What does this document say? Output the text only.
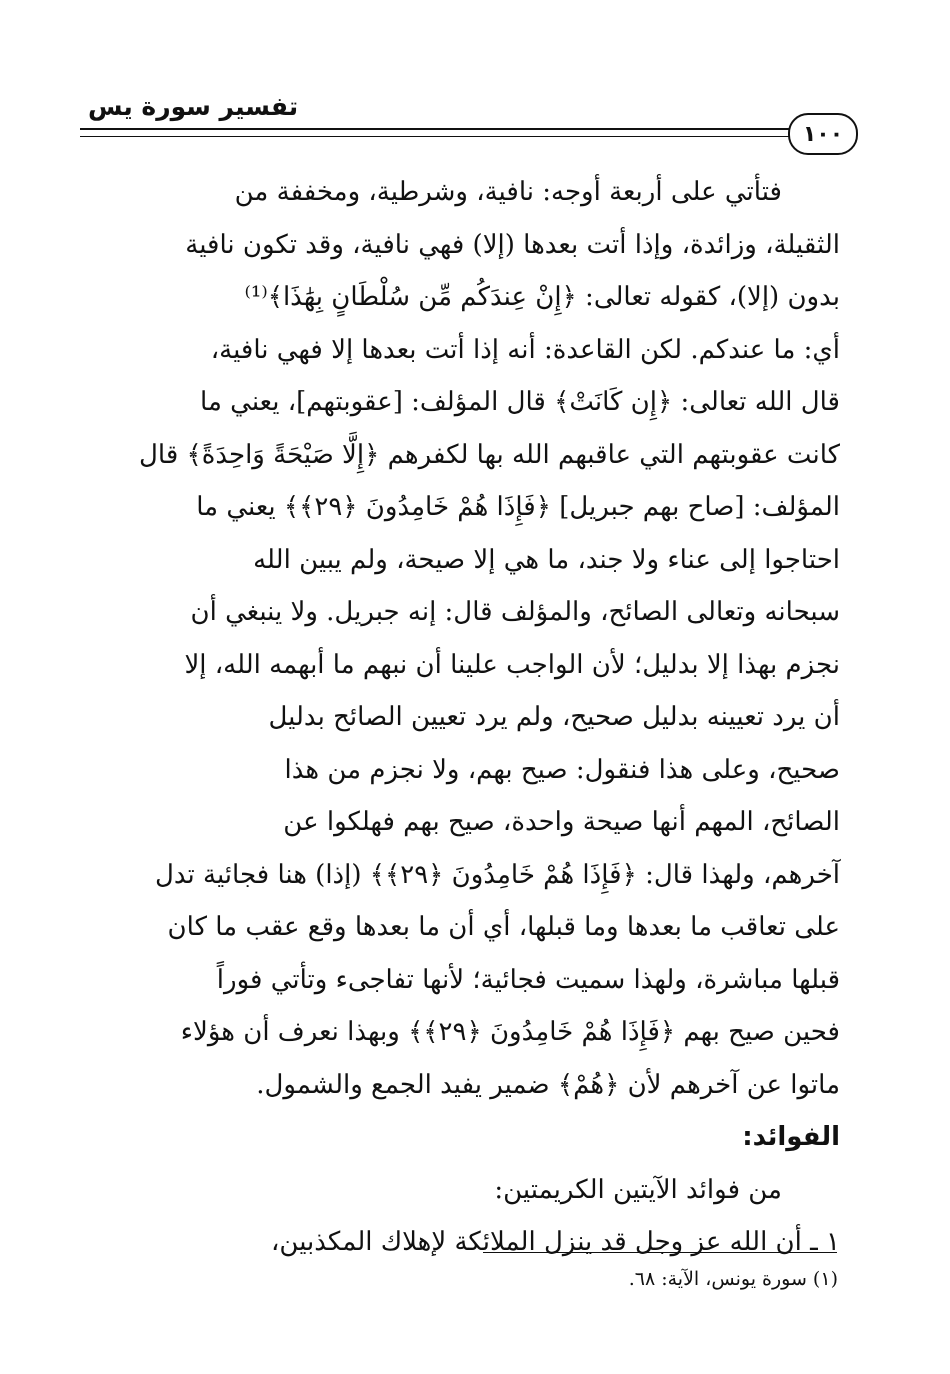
تفسير سورة يس
١٠٠

فتأتي على أربعة أوجه: نافية، وشرطية، ومخففة من

الثقيلة، وزائدة، وإذا أتت بعدها (إلا) فهي نافية، وقد تكون نافية

بدون (إلا)، كقوله تعالى: ﴿إِنْ عِندَكُم مِّن سُلْطَانٍ بِهَٰذَا﴾⁽¹⁾

أي: ما عندكم. لكن القاعدة: أنه إذا أتت بعدها إلا فهي نافية،

قال الله تعالى: ﴿إِن كَانَتْ﴾ قال المؤلف: [عقوبتهم]، يعني ما

كانت عقوبتهم التي عاقبهم الله بها لكفرهم ﴿إِلَّا صَيْحَةً وَاحِدَةً﴾ قال

المؤلف: [صاح بهم جبريل] ﴿فَإِذَا هُمْ خَامِدُونَ ﴿٢٩﴾﴾ يعني ما

احتاجوا إلى عناء ولا جند، ما هي إلا صيحة، ولم يبين الله

سبحانه وتعالى الصائح، والمؤلف قال: إنه جبريل. ولا ينبغي أن

نجزم بهذا إلا بدليل؛ لأن الواجب علينا أن نبهم ما أبهمه الله، إلا

أن يرد تعيينه بدليل صحيح، ولم يرد تعيين الصائح بدليل

صحيح، وعلى هذا فنقول: صيح بهم، ولا نجزم من هذا

الصائح، المهم أنها صيحة واحدة، صيح بهم فهلكوا عن

آخرهم، ولهذا قال: ﴿فَإِذَا هُمْ خَامِدُونَ ﴿٢٩﴾﴾ (إذا) هنا فجائية تدل

على تعاقب ما بعدها وما قبلها، أي أن ما بعدها وقع عقب ما كان

قبلها مباشرة، ولهذا سميت فجائية؛ لأنها تفاجىء وتأتي فوراً

فحين صيح بهم ﴿فَإِذَا هُمْ خَامِدُونَ ﴿٢٩﴾﴾ وبهذا نعرف أن هؤلاء

ماتوا عن آخرهم لأن ﴿هُمْ﴾ ضمير يفيد الجمع والشمول.

الفوائد:

من فوائد الآيتين الكريمتين:

١ ـ أن الله عز وجل قد ينزل الملائكة لإهلاك المكذبين،

(١) سورة يونس، الآية: ٦٨.
